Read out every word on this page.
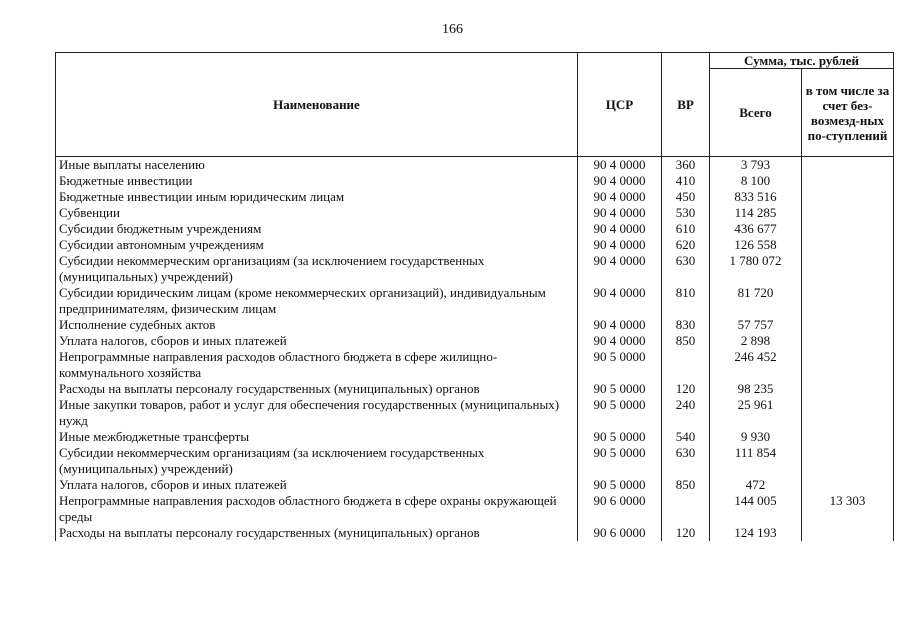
166
Наименование	ЦСР	ВР	Сумма, тыс. рублей	
			Всего	в том числе за счет без-возмезд-ных по-ступлений
Иные выплаты населению	90 4 0000	360	3 793	
Бюджетные инвестиции	90 4 0000	410	8 100	
Бюджетные инвестиции иным юридическим лицам	90 4 0000	450	833 516	
Субвенции	90 4 0000	530	114 285	
Субсидии бюджетным учреждениям	90 4 0000	610	436 677	
Субсидии автономным учреждениям	90 4 0000	620	126 558	
Субсидии некоммерческим организациям (за исключением государственных (муниципальных) учреждений)	90 4 0000	630	1 780 072	
Субсидии юридическим лицам (кроме некоммерческих организаций), индивидуальным предпринимателям, физическим лицам	90 4 0000	810	81 720	
Исполнение судебных актов	90 4 0000	830	57 757	
Уплата налогов, сборов и иных платежей	90 4 0000	850	2 898	
Непрограммные направления расходов областного бюджета в сфере жилищно-коммунального хозяйства	90 5 0000		246 452	
Расходы на выплаты персоналу государственных (муниципальных) органов	90 5 0000	120	98 235	
Иные закупки товаров, работ и услуг для обеспечения государственных (муниципальных) нужд	90 5 0000	240	25 961	
Иные межбюджетные трансферты	90 5 0000	540	9 930	
Субсидии некоммерческим организациям (за исключением государственных (муниципальных) учреждений)	90 5 0000	630	111 854	
Уплата налогов, сборов и иных платежей	90 5 0000	850	472	
Непрограммные направления расходов областного бюджета в сфере охраны окружающей среды	90 6 0000		144 005	13 303
Расходы на выплаты персоналу государственных (муниципальных) органов	90 6 0000	120	124 193	
